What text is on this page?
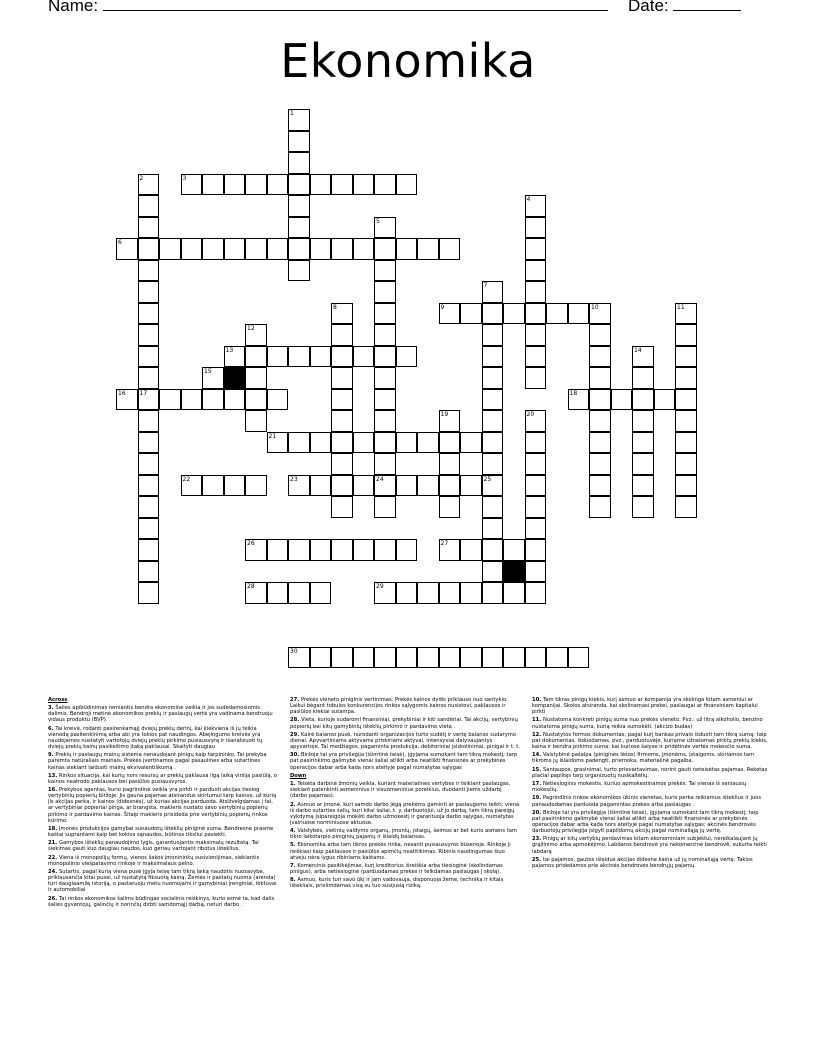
Name:	Date:
Ekonomika
1
2
17
3
4
5
24
6
7
25
8	9	10	11
12
13	14
15
16	18
19	20
21
22	23
26	27
28	29
30

Across

3. Šalies apibūdinimas remiantis bendra ekonomine veikla ir jos sudedamosiomis dalimis. Bendroji metinė ekonomikos prekių ir paslaugų vertė yra vadinama bendruoju vidaus produktu (BVP).

6. Tai kreivė, rodanti pasirenkamąjį dviejų prekių derinį, kai kiekviena iš jų teikia vienodą pasitenkinimą arba abi yra tokios pat naudingos. Abejingumo kreivės yra naudojamos nustatyti vartotojų dviejų prekių pirkimo pusiausvyrą ir išanalizuoti tų dviejų prekių kainų pasikeitimo įtaką paklausai. Skaityti daugiau

9. Prekių ir paslaugų mainų sistema nenaudojant pinigų kaip tarpininko. Tai prekyba paremta natūraliais mainais. Prekės įvertinamos pagal pasaulines arba sutartines kainas siekiant laiduoti mainų ekvivalentiškumą .

13. Rinkos situacija, kai kurių nors resursų ar prekių paklausa ilgą laiką viršija pasiūlą, o kainos neatrodo paklausos bei pasiūlos pusiausvyros.

16. Prekybos agentas, kurio pagrindinė veikla yra pirkti ir parduoti akcijas tiesiog vertybinių popierių biržoje. Jis gauna pajamas atsirandus skirtumui tarp kainos, už kurią jis akcijas perka, ir kainos (didesnės), už kurias akcijas parduoda. Atsižvelgdamas į tai, ar vertybiniai popieriai pinga, ar brangsta, makleris nustato savo vertybinių popierių pirkimo ir pardavimo kainas. Šitaip makleris prisideda prie vertybinių popierių rinkos kūrimo.

18. Įmonės produkcijos gamybai sunaudotų išteklių piniginė suma. Bendresne prasme kaštai suprantami kaip bet kokios sąnaudos, būtinos tiksliui pasiekti.

21. Gamybos išteklių panaudojimo lygis, garantuojantis maksimalų rezultatą. Tai siekimas gauti kuo daugiau naudos, kuo geriau vartojant ribotus išteklius.

22. Viena iš monopolijų formų, vienos šakos įmonininkų susivienijimas, siekiantis monopolinio viešpatavimo rinkoje ir maksimalaus pelno.

24. Sutartis, pagal kurią viena pusė įgyja teisę tam tikrą laiką naudotis nuosavybe, priklausančia kitai pusei, už nustatytą fiksuotą kainą. Žemės ir pastatų nuoma (arenda) turi daugiaamžę istoriją, o pastaruoju metu nuomojami ir gamybiniai įrenginiai, lėktuvai ir automobiliai

26. Tai rinkos ekonomikos šalims būdingas socialinis reiškinys, kurio esmė ta, kad dalis šalies gyventojų, galinčių ir norinčių dirbti samdomąjį darbą, neturi darbo .

27. Prekės vieneto piniginis vertinimas. Prekės kainos dydis priklauso nuo santykio. Laikui bėgant tobulos konkurencijos rinkos sąlygomis kainos nusistovi, paklausos ir pasiūlos kiekiai sutampa.

28. Vieta, kurioje sudaromi finansiniai, prekybiniai ir kiti sandėriai. Tai akcijų, vertybinių popierių bei kitų gamybinių išteklių pirkimo ir pardavimo vieta .

29. Kairė balanso pusė, nurodanti organizacijos turto sudėtį ir vertę balanso sudarymo dienai. Apyvartiniams aktyvams priskiriami aktyvai, intensyviai dalyvaujantys apyvartoje. Tai medžiagos, pagaminta produkcija, debitoriniai įsiskolinimai, pinigai ir t. t.

30. Biržoje tai yra privilegija (išimtinė teisė), įgyjama sumokant tam tikrą mokestį; tarp pat pasirinkimo galimybė vienai šaliai atlikti arba neatlikti finansinės ar prekybinės operacijos dabar arba kada nors ateityje pagal numatytas sąlygas

Down

1. Teisėta darbinė žmonių veikla, kuriant materialines vertybes ir teikiant paslaugas, siekiant patenkinti asmeninius ir visuomeninius poreikius, duodanti jiems uždarbį (darbo pajamas).

2. Asmuo ar įmonė, kuri samdo darbo jėgą prekėms gaminti ar paslaugoms teikti; viena iš darbo sutarties šalių, kuri kitai šaliai, t. y. darbuotojui, už jo darbą, tam tikrą pareigų vykdymą įsipareigoja mokėti darbo užmokestį ir garantuoja darbo sąlygas, numatytas įvairiuose norminiuose aktuose.

4. Valstybės, vietinių valdymo organų, įmonių, įstaigų, šeimos ar bet kurio asmens tam tikro laikotarpio piniginių pajamų ir išlaidų balansas.

5. Ekonomika arba tam tikros prekės rinka, nesanti pusiausvyros būsenoje. Rinkoje ji reiškiasi kaip paklausos ir pasiūlos apimčių neatitikimas. Ribinis naudingumas šiuo atveju nėra lygus ribiniams kaštams.

7. Komercinis pasitikėjimas, kurį kreditorius išreiškia arba tiesioginė (skolindamas pinigus), arba netiesioginė (parduodamas prekes ir teikdamas paslaugas į skolą).

8. Asmuo, kuris turi savo ūkį ir jam vadovauja, disponuoja žeme, technika ir kitais ištekliais, prisiimdamas visą su tuo susijusią riziką.

10. Tam tikras pinigų kiekis, kurį asmuo ar kompanija yra skolinga kitam asmeniui ar kompanijai. Skolos atsiranda, kai skolinamasi prekei, paslaugai ar finansiniam kapitalui pirkti

11. Nustatoma konkreti pinigų suma nuo prekės vieneto. Pvz.: už litrą alkoholio, benzino nustatoma pinigų suma, kurią reikia sumokėti. (akcizo budas)

12. Nustatytos formos dokumentas, pagal kurį bankas privalo išduoti tam tikrą sumą; taip pat dokumentas, išduodamas, pvz., parduotuvėje, kuriame užrašomas pirktų prekių kiekis, kaina ir bendra pirkimo suma; kai kuriose šalyse ir pridėtinės vertės mokesčio suma.

14. Valstybinė pašalpa (piniginės lėšos) firmoms, įmonėms, įstaigoms, skiriamos tam tikroms jų išlaidoms padengti, priemoka, materialinė pagalba.

15. Santaupos, grasinimai, turto prievartavimas, norint gauti neteisėtas pajamas. Reketas plačiai paplitęs tarp organizuotų nusikaltėlių.

17. Netiesioginis mokestis, kuriuo apmokestinamos prekės. Tai vienas iš seniausių mokesčių.

19. Pagrindinis rinkos ekonomikos ūkinis vienetas, kuris perka reikiamus išteklius ir juos panaudodamas parduoda pagamintas prekes arba paslaugas .

20. Biržoje tai yra privilegija (išimtinė teisė), įgyjama sumokant tam tikrą mokestį; taip pat pasirinkimo galimybė vienai šaliai atlikti arba neatlikti finansinės ar prekybinės operacijos dabar arba kada nors ateityje pagal numatytas sąlygas; akcinės bendrovės darbuotojų privilegija įsigyti papildomų akcijų pagal nominaliąją jų vertę.

23. Pinigų ar kitų vertybių perdavimas kitam ekonominiam subjektui, nereikalaujant jų grąžinimo arba apmokėjimo. Labdaros bendrovė yra nekomercinė bendrovė, sukurta teikti labdarą

25. tai pajamos, gautos išleidus akcijas didesne kaina už jų nominaliąją vertę. Takios pajamos pridedamos prie akcinės bendrovės bendrųjų pajamų.
